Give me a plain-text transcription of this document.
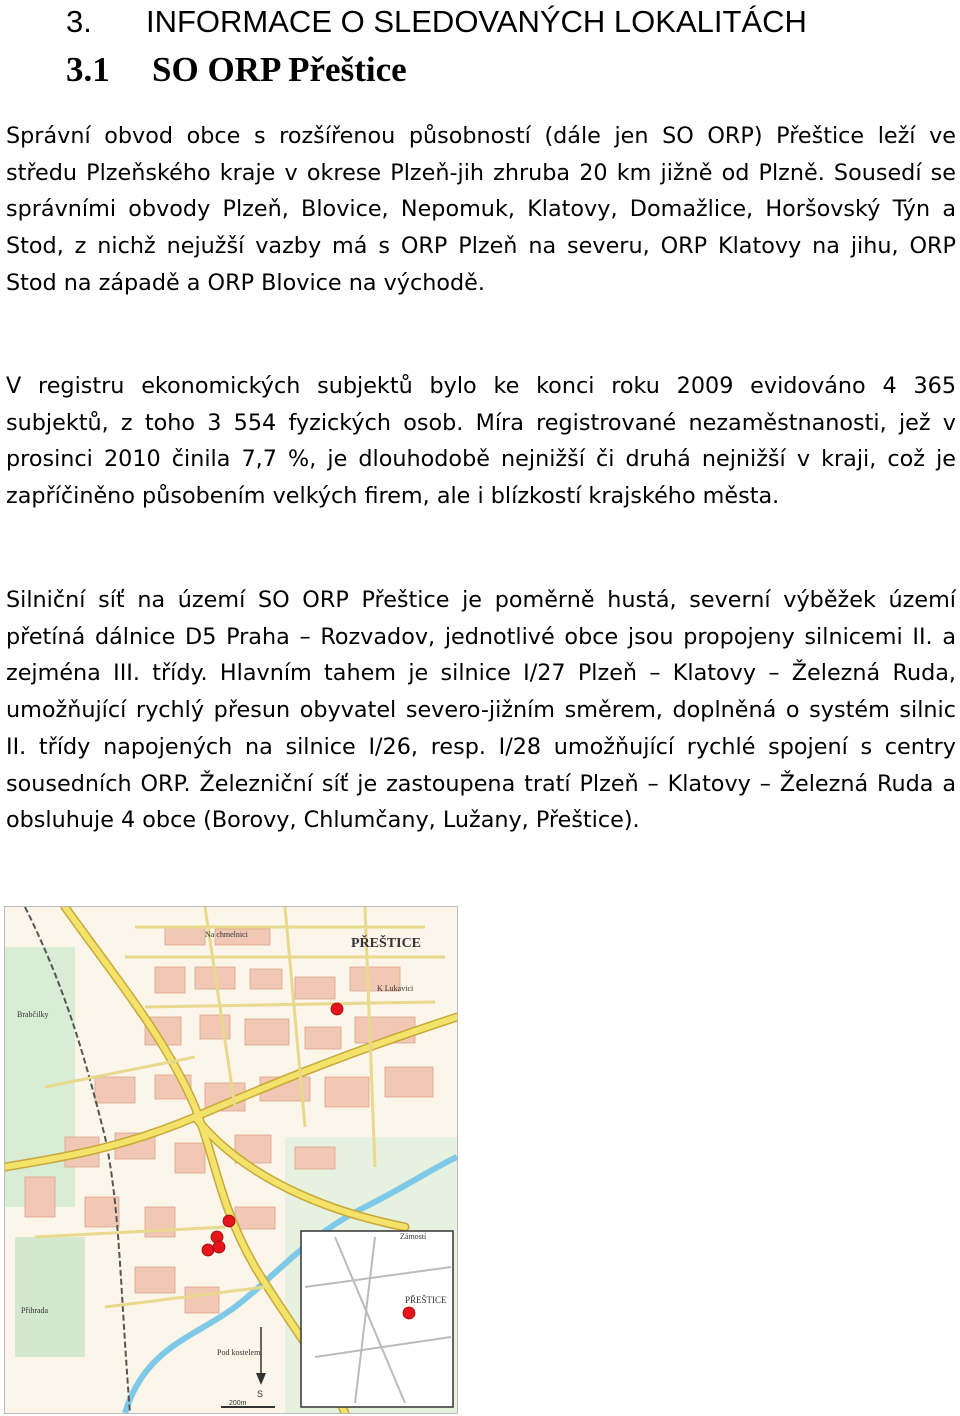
3. INFORMACE O SLEDOVANÝCH LOKALITÁCH
3.1 SO ORP Přeštice

Správní obvod obce s rozšířenou působností (dále jen SO ORP) Přeštice leží ve středu Plzeňského kraje v okrese Plzeň-jih zhruba 20 km jižně od Plzně. Sousedí se správními obvody Plzeň, Blovice, Nepomuk, Klatovy, Domažlice, Horšovský Týn a Stod, z nichž nejužší vazby má s ORP Plzeň na severu, ORP Klatovy na jihu, ORP Stod na západě a ORP Blovice na východě.

V registru ekonomických subjektů bylo ke konci roku 2009 evidováno 4 365 subjektů, z toho 3 554 fyzických osob. Míra registrované nezaměstnanosti, jež v prosinci 2010 činila 7,7 %, je dlouhodobě nejnižší či druhá nejnižší v kraji, což je zapříčiněno působením velkých firem, ale i blízkostí krajského města.

Silniční síť na území SO ORP Přeštice je poměrně hustá, severní výběžek území přetíná dálnice D5 Praha – Rozvadov, jednotlivé obce jsou propojeny silnicemi II. a zejména III. třídy. Hlavním tahem je silnice I/27 Plzeň – Klatovy – Železná Ruda, umožňující rychlý přesun obyvatel severo-jižním směrem, doplněná o systém silnic II. třídy napojených na silnice I/26, resp. I/28 umožňující rychlé spojení s centry sousedních ORP. Železniční síť je zastoupena tratí Plzeň – Klatovy – Železná Ruda a obsluhuje 4 obce (Borovy, Chlumčany, Lužany, Přeštice).

PŘEŠTICE
Na chmelnici
PŘEŠTICE
K Lukavici
Zámostí
Pod kostelem
Brabčilky
Přihrada
S
200m
